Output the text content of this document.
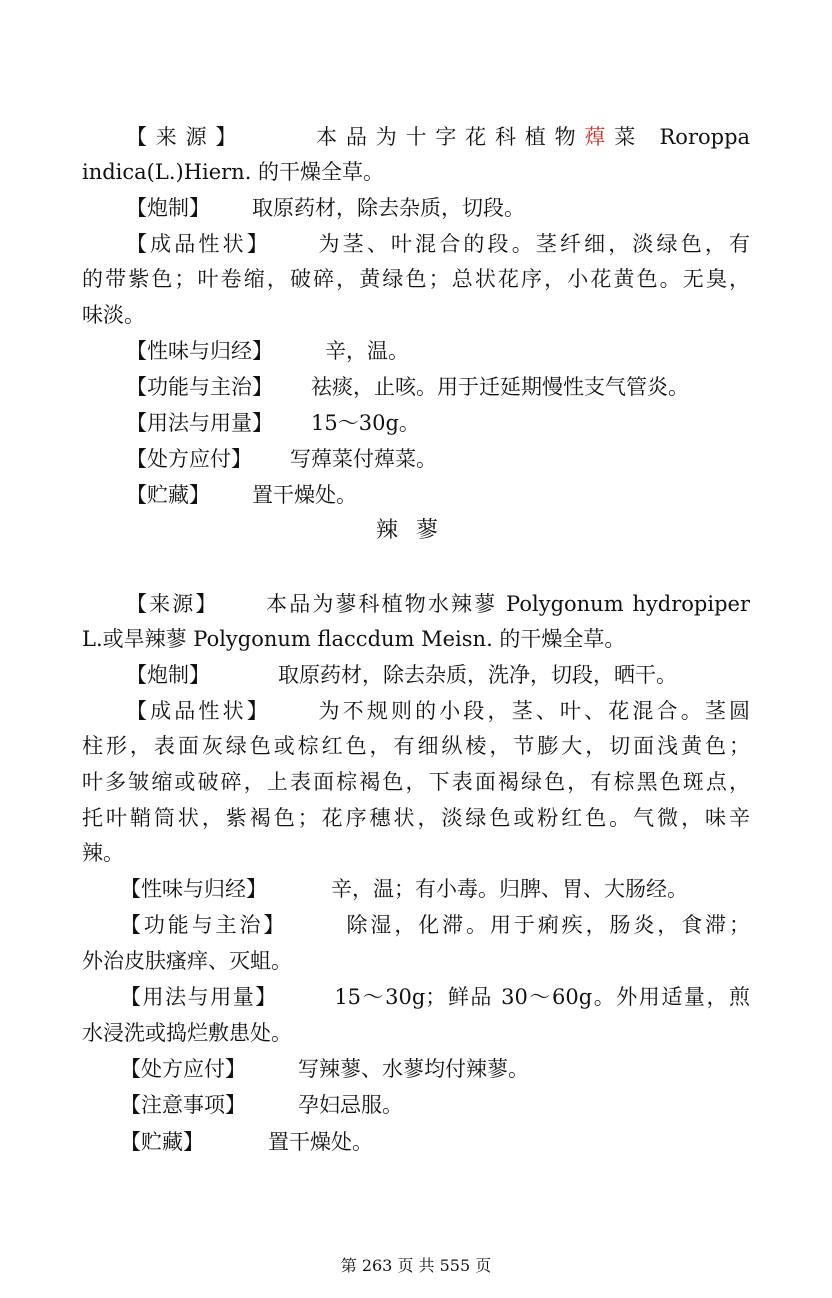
【来源】	本品为十字花科植物蔊菜 Roroppa
indica(L.)Hiern. 的干燥全草。
【炮制】 取原药材，除去杂质，切段。
【成品性状】 为茎、叶混合的段。茎纤细，淡绿色，有
的带紫色；叶卷缩，破碎，黄绿色；总状花序，小花黄色。无臭，
味淡。
【性味与归经】 辛，温。
【功能与主治】 祛痰，止咳。用于迁延期慢性支气管炎。
【用法与用量】 15～30g。
【处方应付】 写蔊菜付蔊菜。
【贮藏】 置干燥处。
辣蓼
【来源】 本品为蓼科植物水辣蓼 Polygonum hydropiper
L.或旱辣蓼 Polygonum flaccdum Meisn. 的干燥全草。
【炮制】	取原药材，除去杂质，洗净，切段，晒干。
【成品性状】 为不规则的小段，茎、叶、花混合。茎圆
柱形，表面灰绿色或棕红色，有细纵棱，节膨大，切面浅黄色；
叶多皱缩或破碎，上表面棕褐色，下表面褐绿色，有棕黑色斑点，
托叶鞘筒状，紫褐色；花序穗状，淡绿色或粉红色。气微，味辛
辣。
【性味与归经】	辛，温；有小毒。归脾、胃、大肠经。
【功能与主治】	除湿，化滞。用于痢疾，肠炎，食滞；
外治皮肤瘙痒、灭蛆。
【用法与用量】	15～30g；鲜品 30～60g。外用适量，煎
水浸洗或捣烂敷患处。
【处方应付】 写辣蓼、水蓼均付辣蓼。
【注意事项】 孕妇忌服。
【贮藏】	置干燥处。
第 263 页 共 555 页
